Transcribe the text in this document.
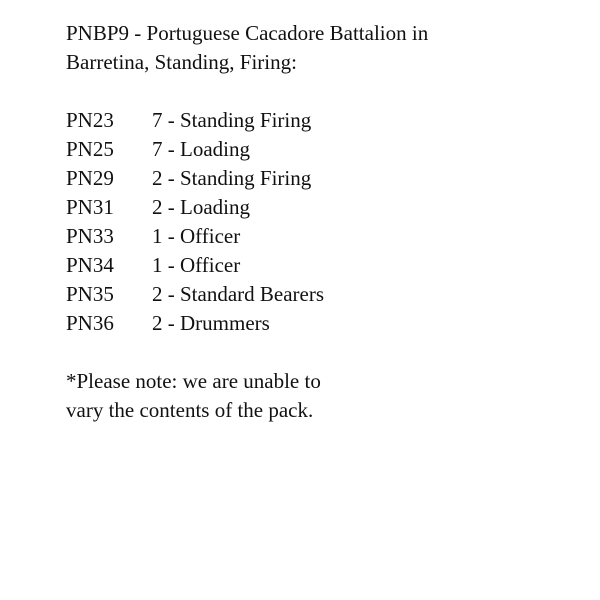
PNBP9 - Portuguese Cacadore Battalion in
Barretina, Standing, Firing:
PN23	7 - Standing Firing
PN25	7 - Loading
PN29	2 - Standing Firing
PN31	2 - Loading
PN33	1 - Officer
PN34	1 - Officer
PN35	2 - Standard Bearers
PN36	2 - Drummers
*Please note: we are unable to
vary the contents of the pack.
